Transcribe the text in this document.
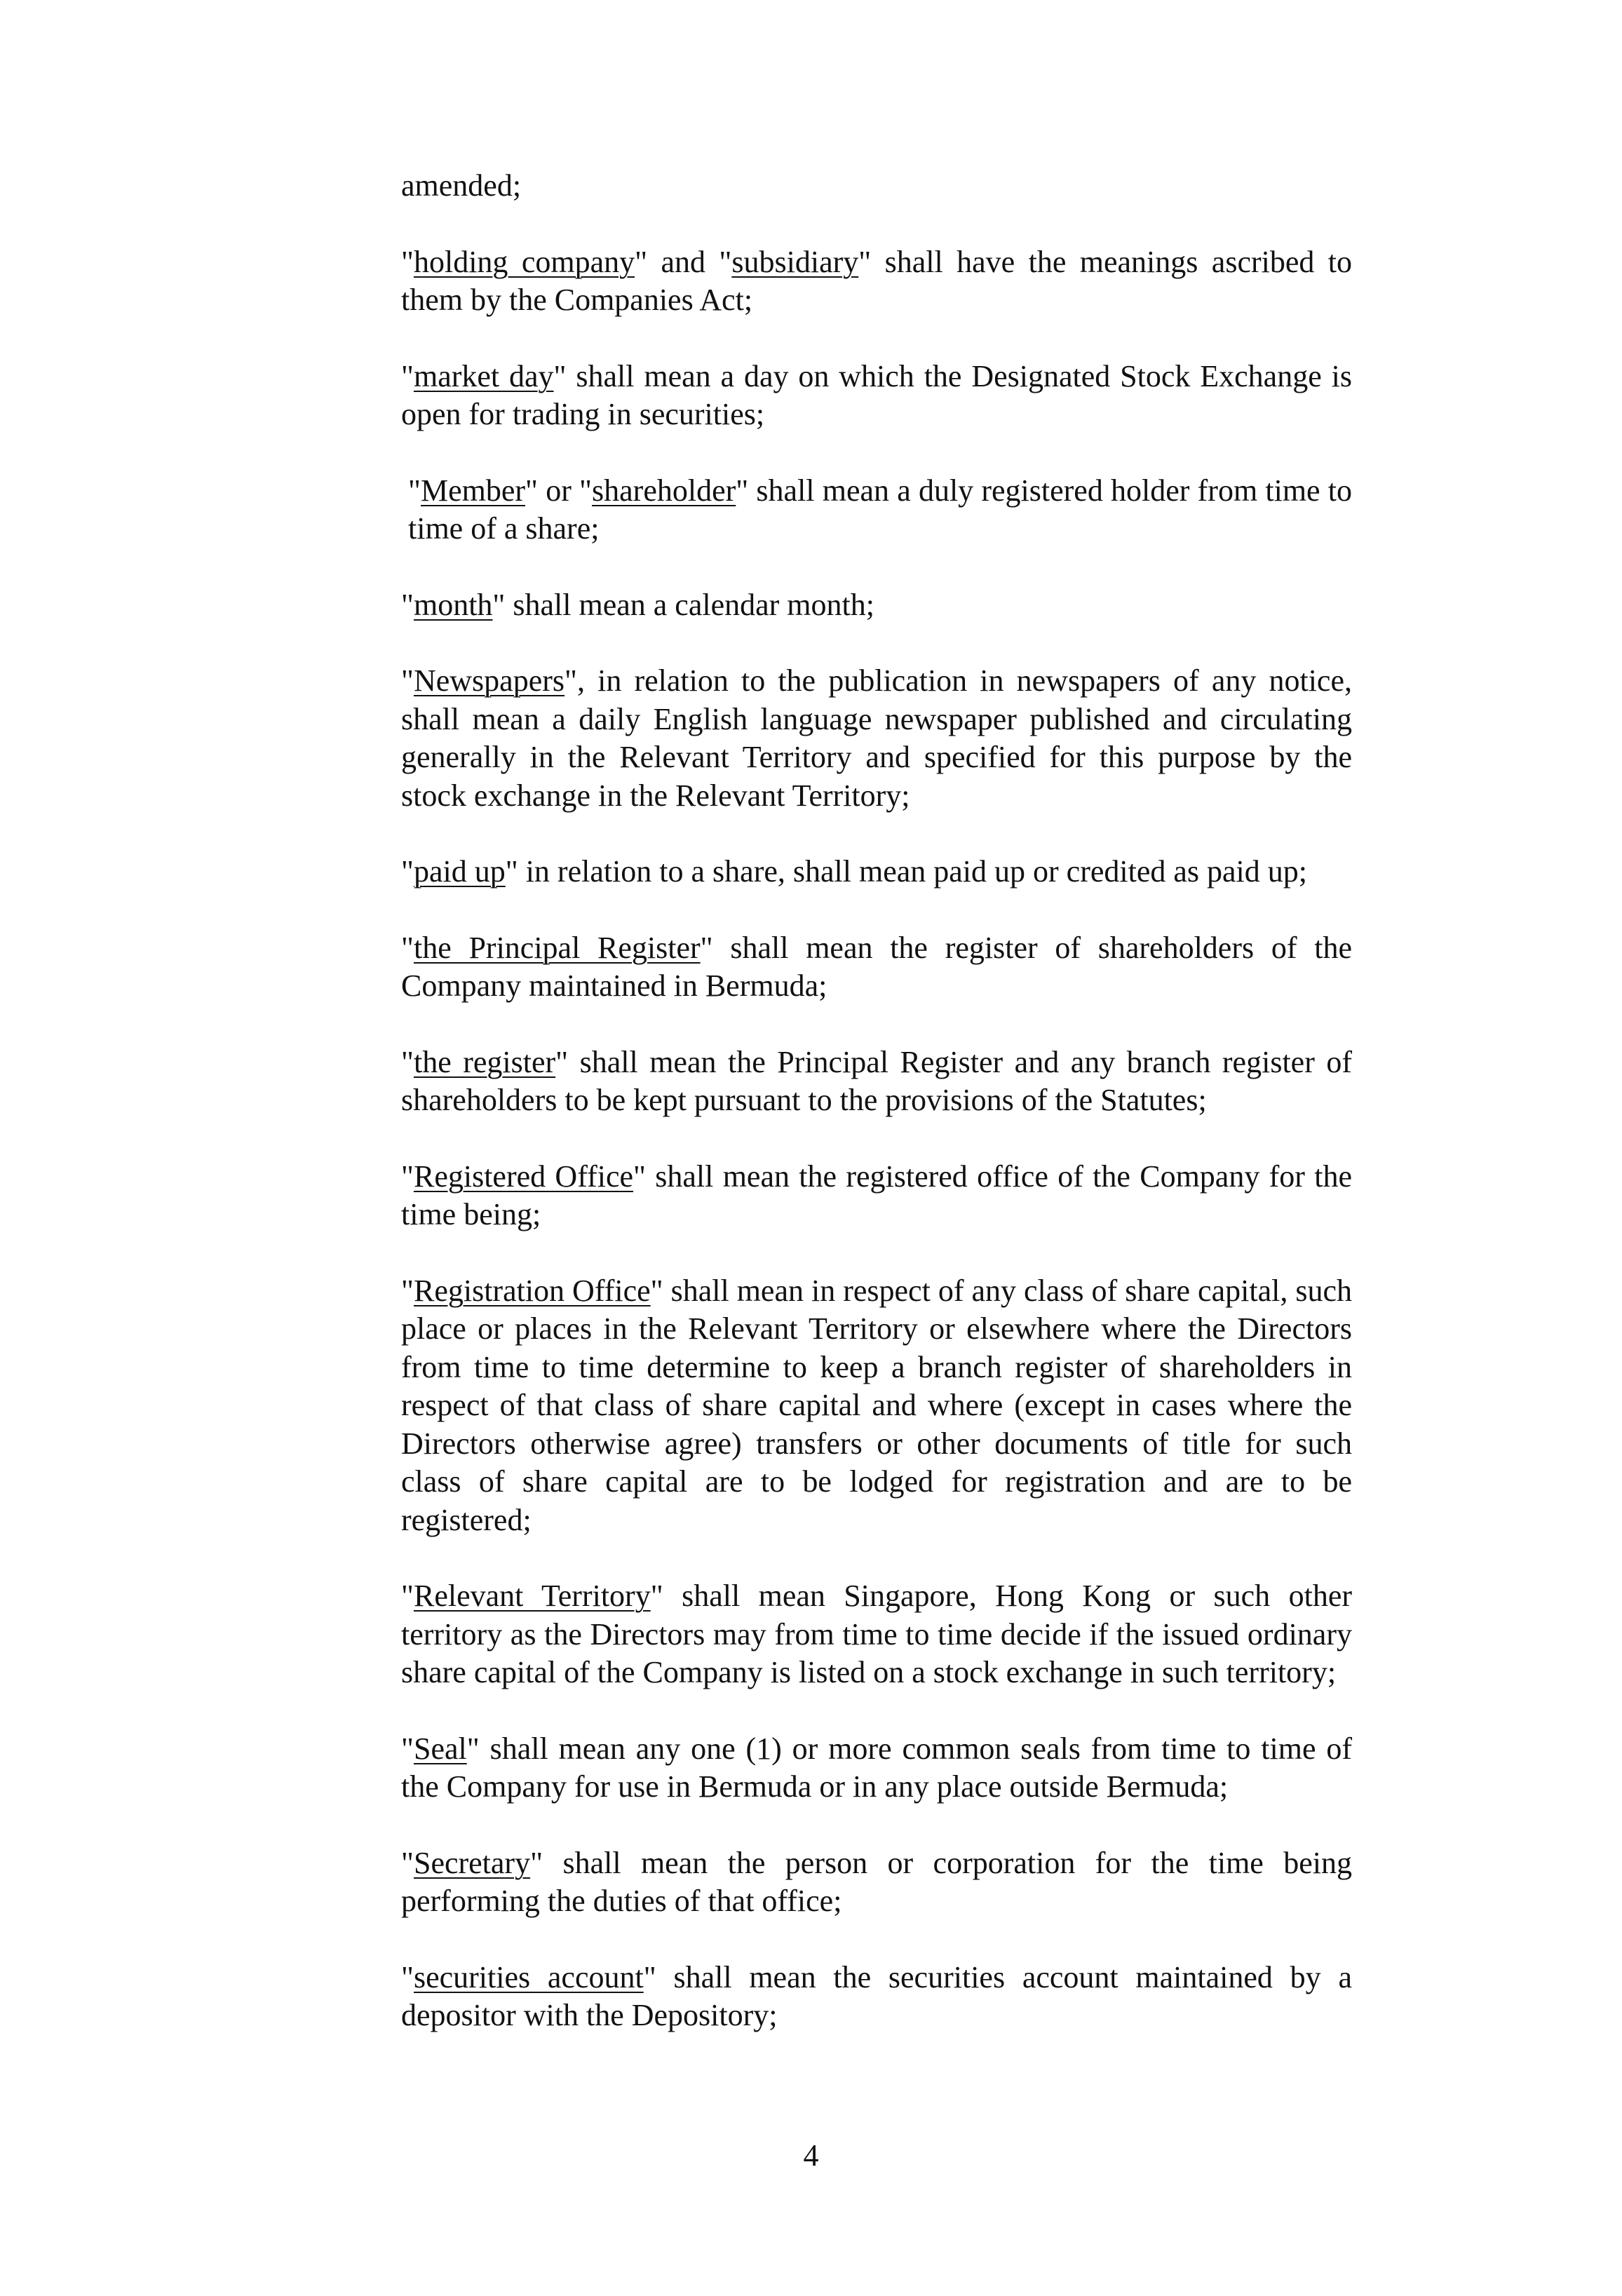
amended;

"holding company" and "subsidiary" shall have the meanings ascribed to them by the Companies Act;

"market day" shall mean a day on which the Designated Stock Exchange is open for trading in securities;

"Member" or "shareholder" shall mean a duly registered holder from time to time of a share;

"month" shall mean a calendar month;

"Newspapers", in relation to the publication in newspapers of any notice, shall mean a daily English language newspaper published and circulating generally in the Relevant Territory and specified for this purpose by the stock exchange in the Relevant Territory;

"paid up" in relation to a share, shall mean paid up or credited as paid up;

"the Principal Register" shall mean the register of shareholders of the Company maintained in Bermuda;

"the register" shall mean the Principal Register and any branch register of shareholders to be kept pursuant to the provisions of the Statutes;

"Registered Office" shall mean the registered office of the Company for the time being;

"Registration Office" shall mean in respect of any class of share capital, such place or places in the Relevant Territory or elsewhere where the Directors from time to time determine to keep a branch register of shareholders in respect of that class of share capital and where (except in cases where the Directors otherwise agree) transfers or other documents of title for such class of share capital are to be lodged for registration and are to be registered;

"Relevant Territory" shall mean Singapore, Hong Kong or such other territory as the Directors may from time to time decide if the issued ordinary share capital of the Company is listed on a stock exchange in such territory;

"Seal" shall mean any one (1) or more common seals from time to time of the Company for use in Bermuda or in any place outside Bermuda;

"Secretary" shall mean the person or corporation for the time being performing the duties of that office;

"securities account" shall mean the securities account maintained by a depositor with the Depository;

4
